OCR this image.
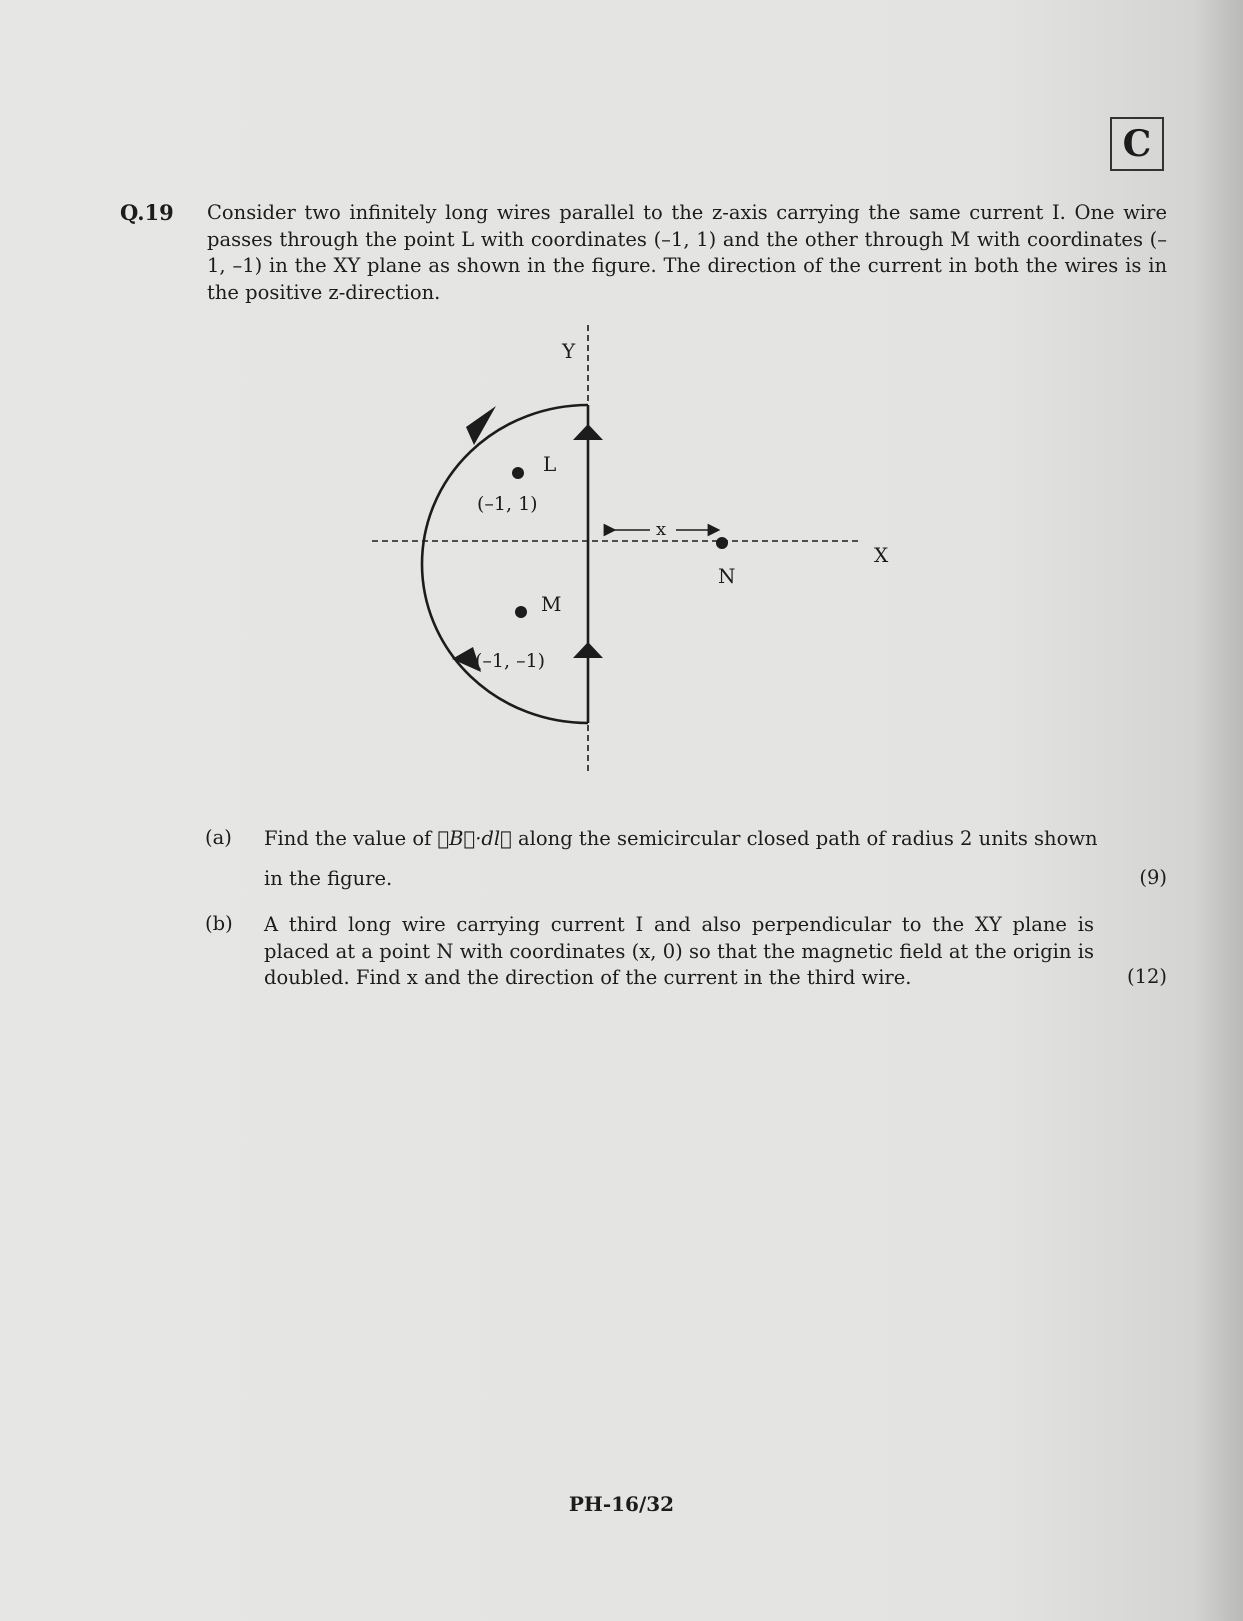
C
Q.19 Consider two infinitely long wires parallel to the z-axis carrying the same current I. One wire passes through the point L with coordinates (–1, 1) and the other through M with coordinates (–1, –1) in the XY plane as shown in the figure. The direction of the current in both the wires is in the positive z-direction.
Y
X
L
(–1, 1)
M
(–1, –1)
N
x
(a) Find the value of ∮B⃗·dl⃗ along the semicircular closed path of radius 2 units shown
in the figure.	(9)
(b) A third long wire carrying current I and also perpendicular to the XY plane is placed at a point N with coordinates (x, 0) so that the magnetic field at the origin is doubled. Find x and the direction of the current in the third wire.	(12)
PH-16/32
